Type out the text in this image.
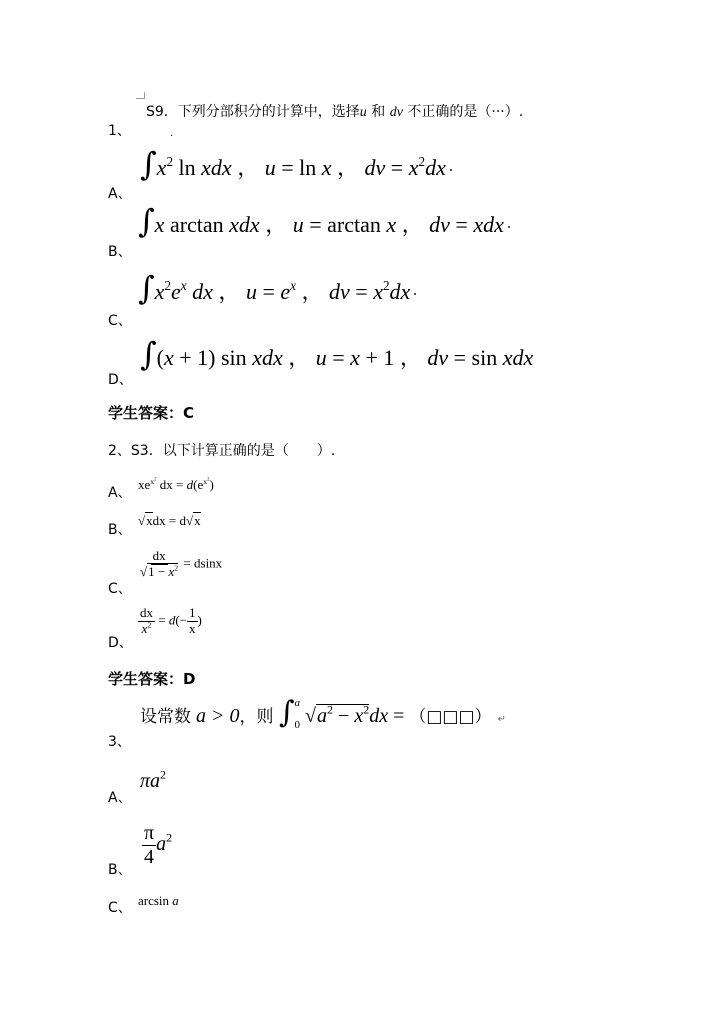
S9．下列分部积分的计算中，选择u 和 dv 不正确的是（···）.
1、	.
A、
$\int x^2$ ln xdx ， u = ln x ， dv = $x^2dx$
B、
∫x arctan xdx ， u = arctan x ， dv = xdx
C、
$\int x^2e^x$ dx ， $u = e^x$ ， dv = $x^2dx$
D、
∫(x + 1) sin xdx ， u = x + 1 ， dv = sin xdx
学生答案：C
2、S3．以下计算正确的是（　　）.
A、
$xe^{x^2}$ dx = $d(e^{x^2})$
B、
√xdx = d√x
C、
$\frac{dx}{√1 - x^2} = dsinx$
D、
$\frac{dx}{x^2} = d(- \frac{1}{x}$ )
学生答案：D
3、
设常数 a > 0，则 ∫a

0 $√a^2 - x^2dx$ = （□□□） ↵
A、
$\pi a^2$
B、
$\frac{\pi}{4} a^2$
C、 arcsin a
